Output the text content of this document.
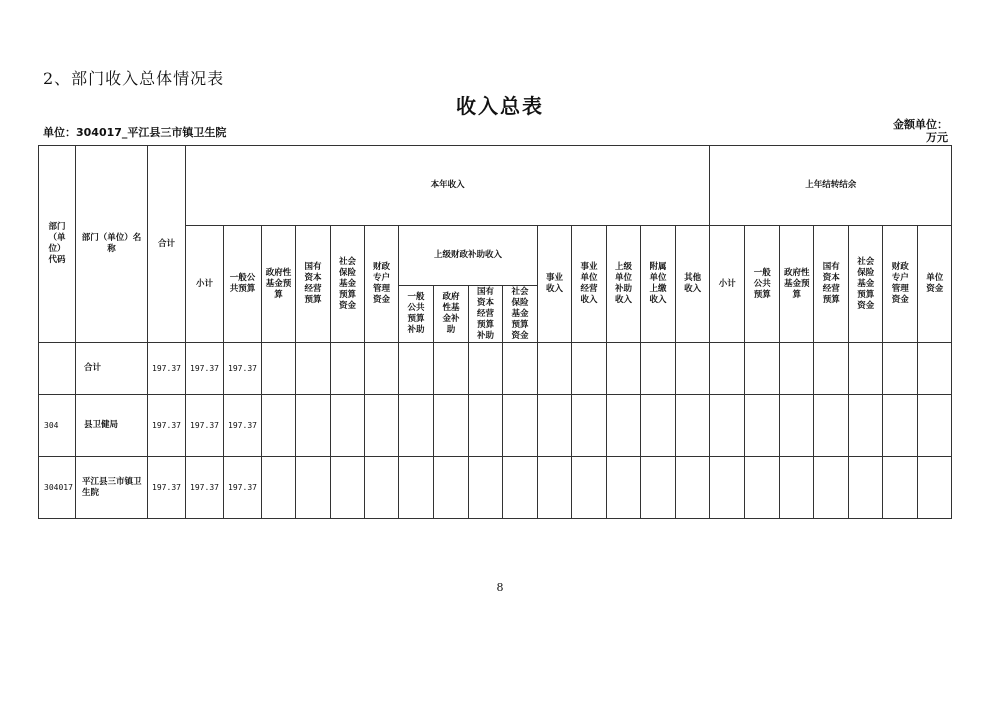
2、部门收入总体情况表
收入总表
单位：304017_平江县三市镇卫生院
金额单位：
万元
部门（单位）代码	部门（单位）名称	合计	本年收入															上年结转结余						
			小计	一般公共预算	政府性基金预算	国有资本经营预算	社会保险基金预算资金	财政专户管理资金	上级财政补助收入				事业收入	事业单位经营收入	上级单位补助收入	附属单位上缴收入	其他收入	小计	一般公共预算	政府性基金预算	国有资本经营预算	社会保险基金预算资金	财政专户管理资金	单位资金
									一般公共预算补助	政府性基金补助	国有资本经营预算补助	社会保险基金预算资金												
	合计	197.37	197.37	197.37																				
304	县卫健局	197.37	197.37	197.37																				
304017	平江县三市镇卫生院	197.37	197.37	197.37																				
8
